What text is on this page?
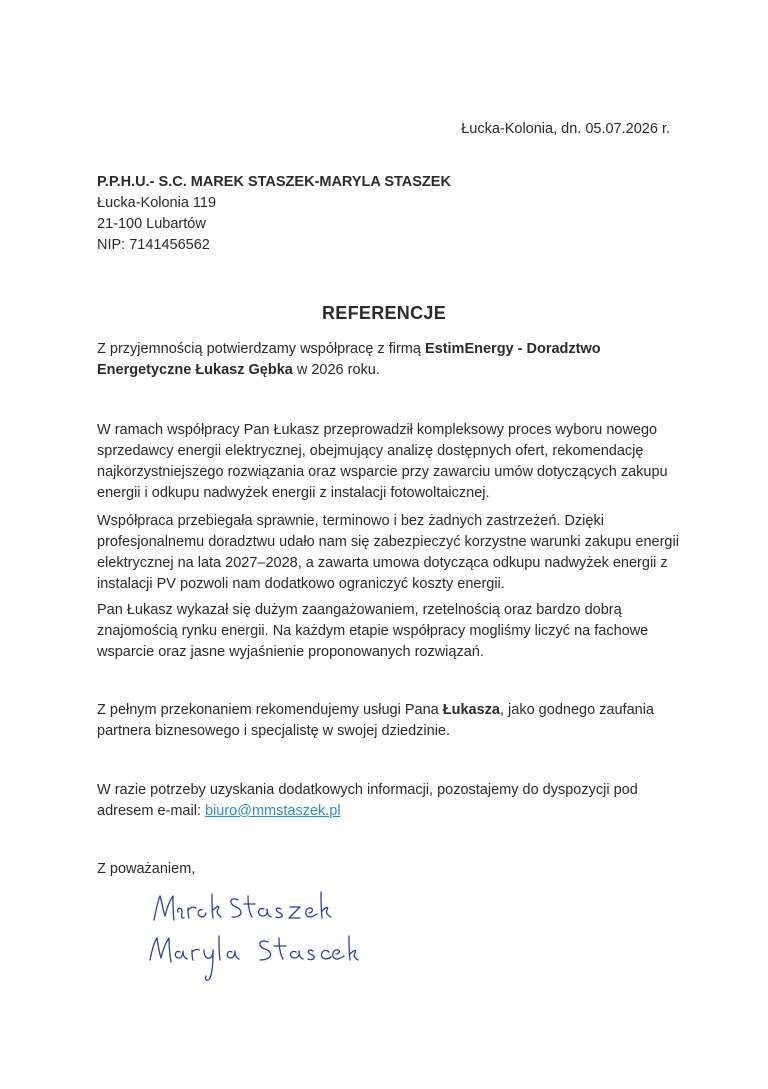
Łucka-Kolonia, dn. 05.07.2026 r.
P.P.H.U.- S.C. MAREK STASZEK-MARYLA STASZEK
Łucka-Kolonia 119
21-100 Lubartów
NIP: 7141456562
REFERENCJE
Z przyjemnością potwierdzamy współpracę z firmą EstimEnergy - Doradztwo Energetyczne Łukasz Gębka w 2026 roku.
W ramach współpracy Pan Łukasz przeprowadził kompleksowy proces wyboru nowego sprzedawcy energii elektrycznej, obejmujący analizę dostępnych ofert, rekomendację najkorzystniejszego rozwiązania oraz wsparcie przy zawarciu umów dotyczących zakupu energii i odkupu nadwyżek energii z instalacji fotowoltaicznej.
Współpraca przebiegała sprawnie, terminowo i bez żadnych zastrzeżeń. Dzięki profesjonalnemu doradztwu udało nam się zabezpieczyć korzystne warunki zakupu energii elektrycznej na lata 2027–2028, a zawarta umowa dotycząca odkupu nadwyżek energii z instalacji PV pozwoli nam dodatkowo ograniczyć koszty energii.
Pan Łukasz wykazał się dużym zaangażowaniem, rzetelnością oraz bardzo dobrą znajomością rynku energii. Na każdym etapie współpracy mogliśmy liczyć na fachowe wsparcie oraz jasne wyjaśnienie proponowanych rozwiązań.
Z pełnym przekonaniem rekomendujemy usługi Pana Łukasza, jako godnego zaufania partnera biznesowego i specjalistę w swojej dziedzinie.
W razie potrzeby uzyskania dodatkowych informacji, pozostajemy do dyspozycji pod adresem e-mail: biuro@mmstaszek.pl
Z poważaniem,
